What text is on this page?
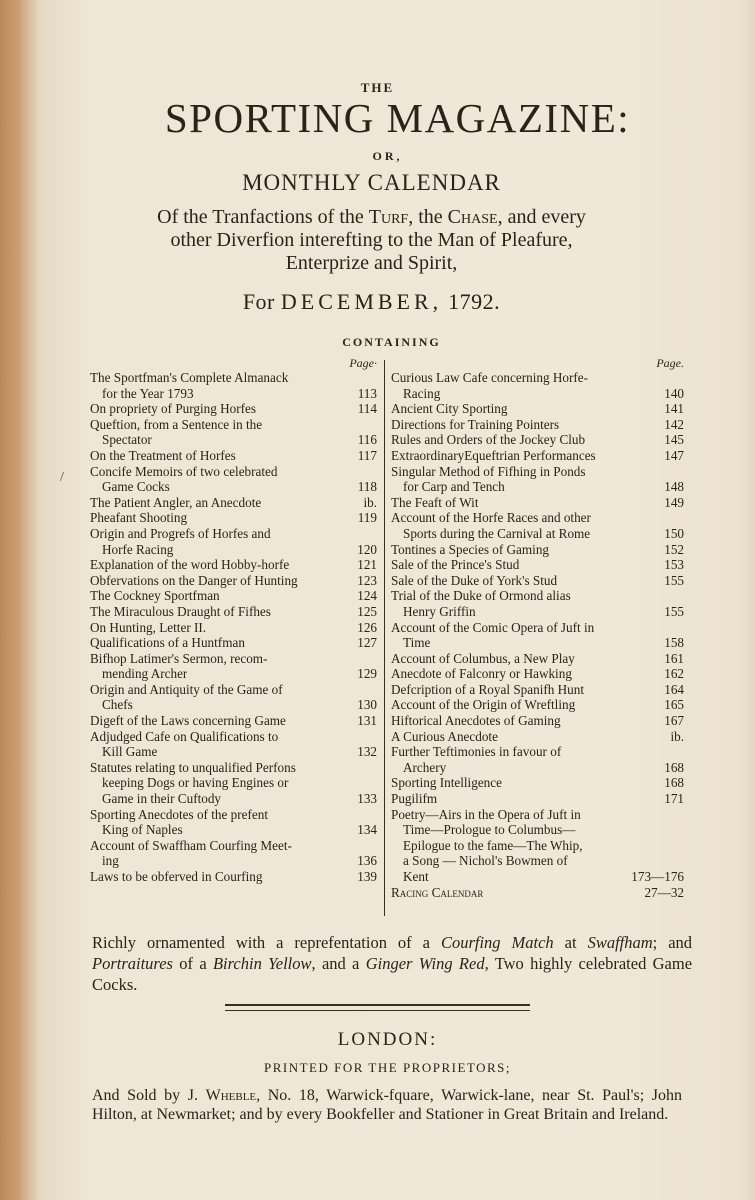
THE
SPORTING MAGAZINE:
OR,
MONTHLY CALENDAR
Of the Tranfactions of the Turf, the Chase, and every
other Diverfion interefting to the Man of Pleafure,
Enterprize and Spirit,
For DECEMBER, 1792.
CONTAINING
/
Page·
The Sportfman's Complete Almanack
for the Year 1793	113
On propriety of Purging Horfes	114
Queftion, from a Sentence in the
Spectator	116
On the Treatment of Horfes	117
Concife Memoirs of two celebrated
Game Cocks	118
The Patient Angler, an Anecdote	ib.
Pheafant Shooting	119
Origin and Progrefs of Horfes and
Horfe Racing	120
Explanation of the word Hobby-horfe	121
Obfervations on the Danger of Hunting	123
The Cockney Sportfman	124
The Miraculous Draught of Fifhes	125
On Hunting, Letter II.	126
Qualifications of a Huntfman	127
Bifhop Latimer's Sermon, recom-
mending Archer	129
Origin and Antiquity of the Game of
Chefs	130
Digeft of the Laws concerning Game	131
Adjudged Cafe on Qualifications to
Kill Game	132
Statutes relating to unqualified Perfons
keeping Dogs or having Engines or
Game in their Cuftody	133
Sporting Anecdotes of the prefent
King of Naples	134
Account of Swaffham Courfing Meet-
ing	136
Laws to be obferved in Courfing	139
Page.
Curious Law Cafe concerning Horfe-
Racing	140
Ancient City Sporting	141
Directions for Training Pointers	142
Rules and Orders of the Jockey Club	145
ExtraordinaryEqueftrian Performances	147
Singular Method of Fifhing in Ponds
for Carp and Tench	148
The Feaft of Wit	149
Account of the Horfe Races and other
Sports during the Carnival at Rome	150
Tontines a Species of Gaming	152
Sale of the Prince's Stud	153
Sale of the Duke of York's Stud	155
Trial of the Duke of Ormond alias
Henry Griffin	155
Account of the Comic Opera of Juft in
Time	158
Account of Columbus, a New Play	161
Anecdote of Falconry or Hawking	162
Defcription of a Royal Spanifh Hunt	164
Account of the Origin of Wreftling	165
Hiftorical Anecdotes of Gaming	167
A Curious Anecdote	ib.
Further Teftimonies in favour of
Archery	168
Sporting Intelligence	168
Pugilifm	171
Poetry—Airs in the Opera of Juft in
Time—Prologue to Columbus—
Epilogue to the fame—The Whip,
a Song — Nichol's Bowmen of
Kent	173—176
Racing Calendar	27—32
Richly ornamented with a reprefentation of a Courfing Match at Swaffham; and Portraitures of a Birchin Yellow, and a Ginger Wing Red, Two highly celebrated Game Cocks.
LONDON:
PRINTED FOR THE PROPRIETORS;
And Sold by J. Wheble, No. 18, Warwick-fquare, Warwick-lane, near St. Paul's; John Hilton, at Newmarket; and by every Bookfeller and Stationer in Great Britain and Ireland.
